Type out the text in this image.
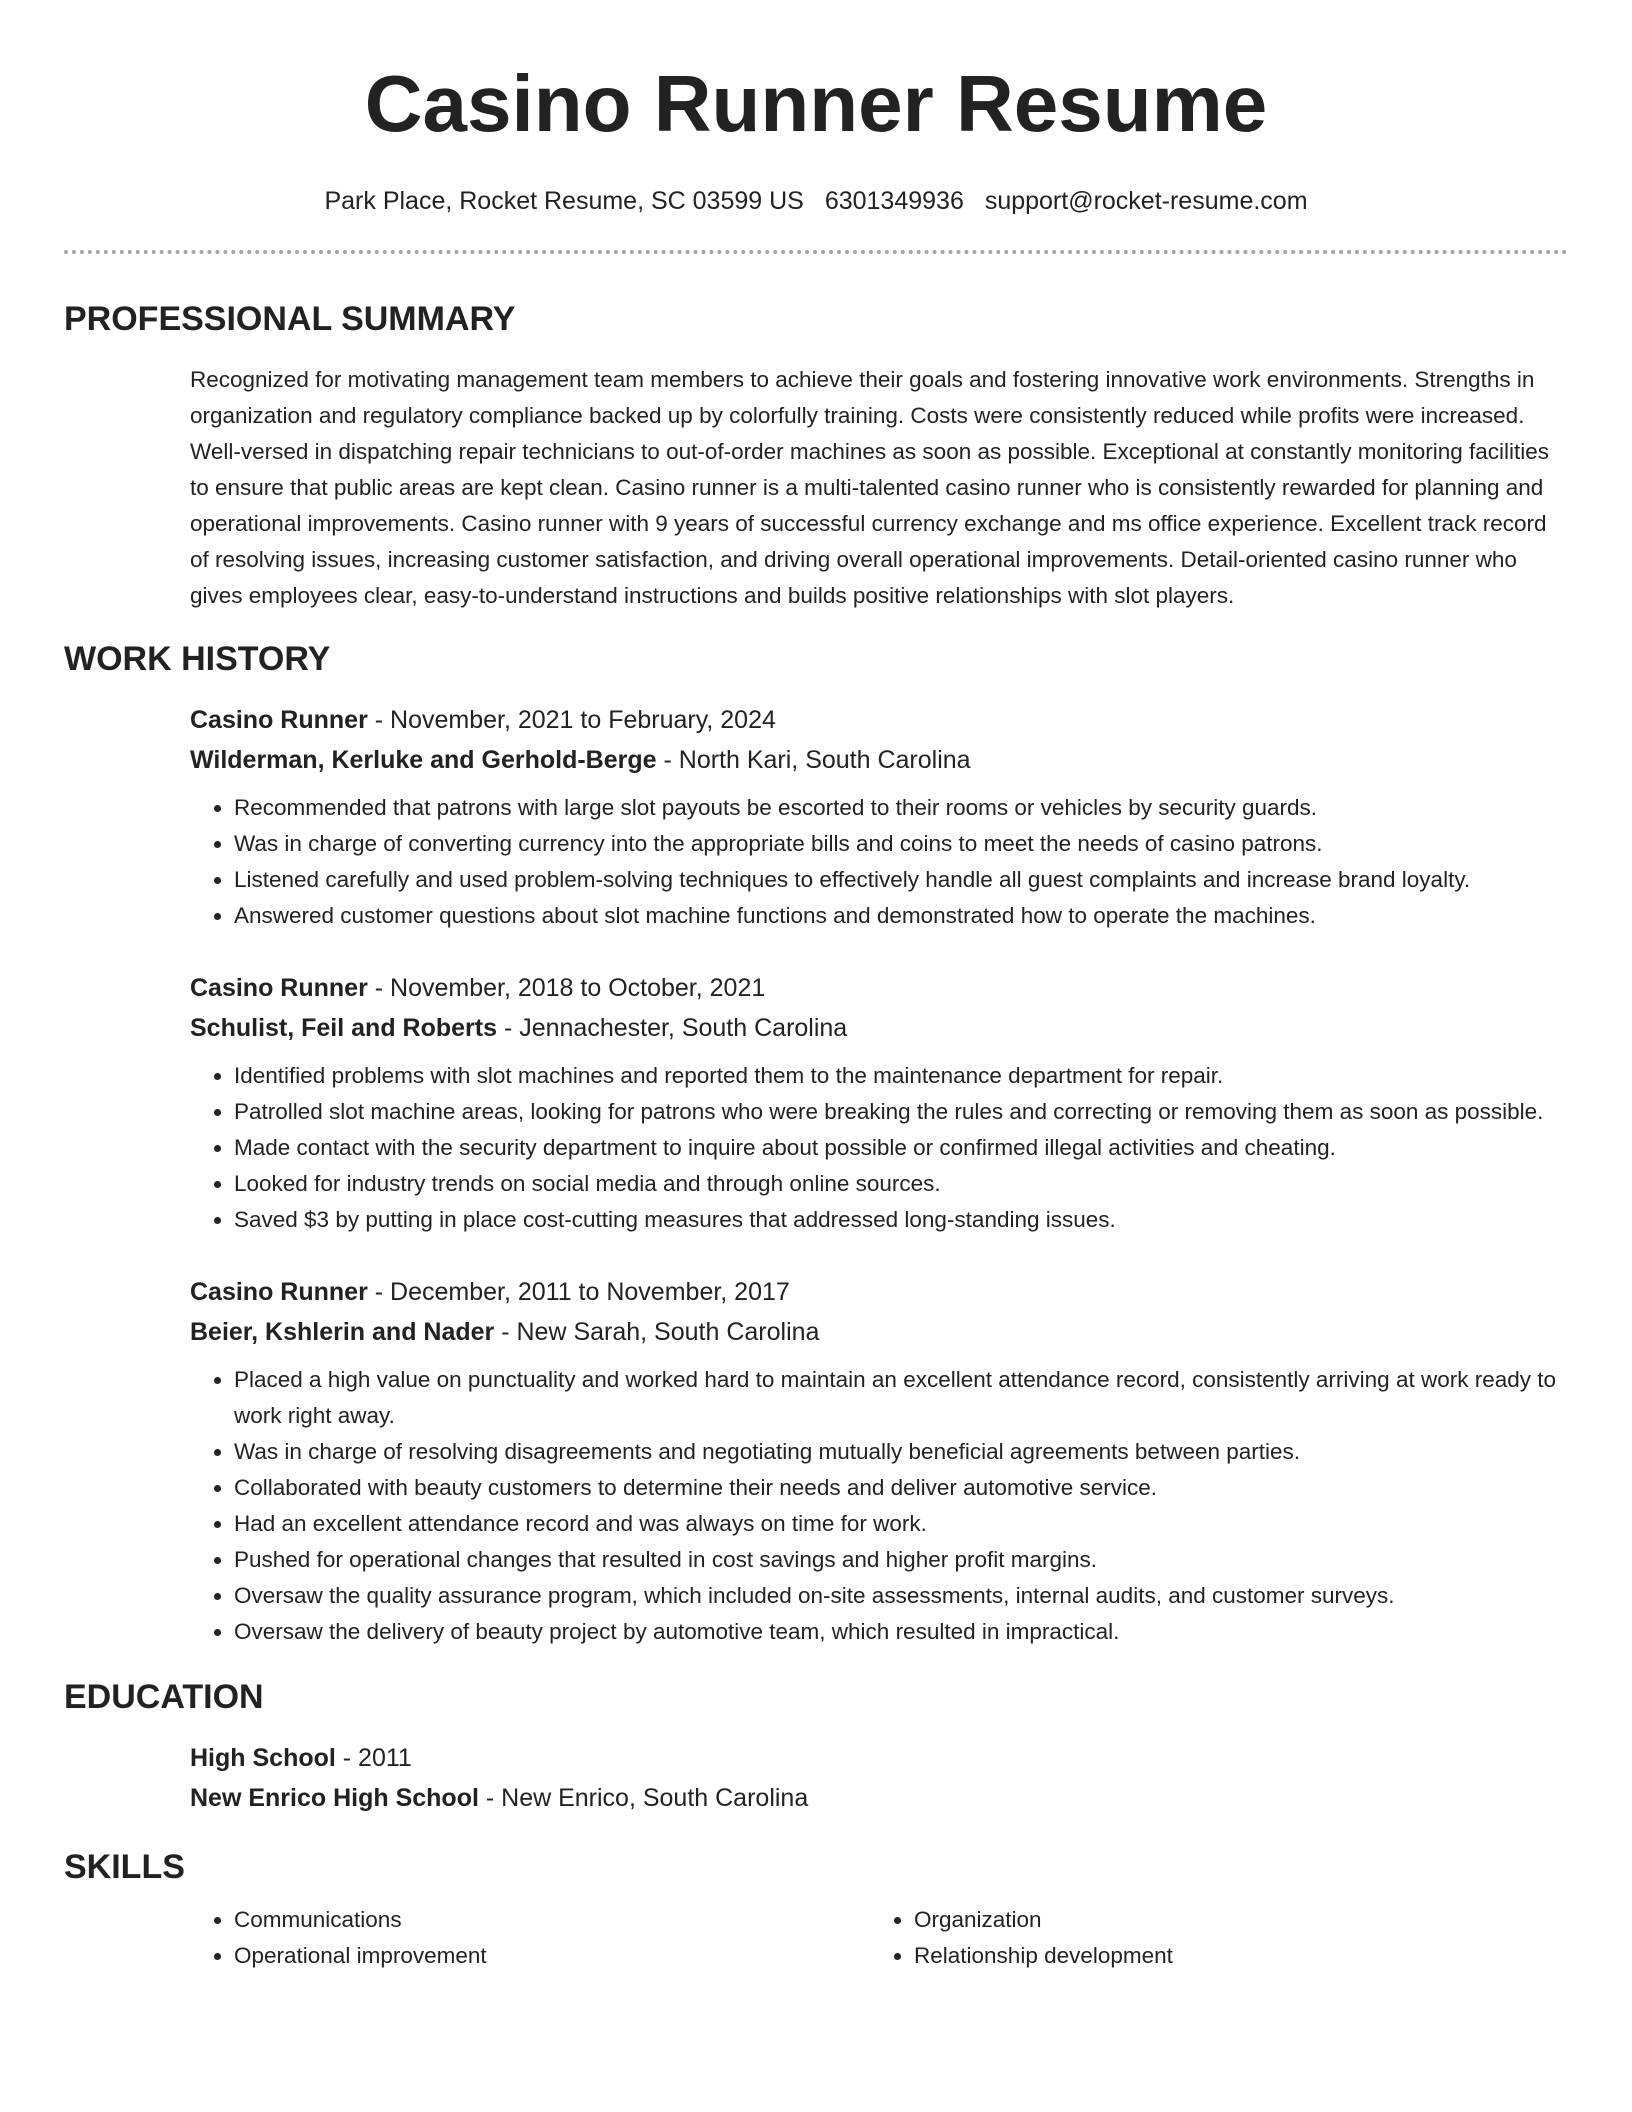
Casino Runner Resume
Park Place, Rocket Resume, SC 03599 US 6301349936 support@rocket-resume.com
PROFESSIONAL SUMMARY
Recognized for motivating management team members to achieve their goals and fostering innovative work environments. Strengths in organization and regulatory compliance backed up by colorfully training. Costs were consistently reduced while profits were increased. Well-versed in dispatching repair technicians to out-of-order machines as soon as possible. Exceptional at constantly monitoring facilities to ensure that public areas are kept clean. Casino runner is a multi-talented casino runner who is consistently rewarded for planning and operational improvements. Casino runner with 9 years of successful currency exchange and ms office experience. Excellent track record of resolving issues, increasing customer satisfaction, and driving overall operational improvements. Detail-oriented casino runner who gives employees clear, easy-to-understand instructions and builds positive relationships with slot players.
WORK HISTORY
Casino Runner - November, 2021 to February, 2024
Wilderman, Kerluke and Gerhold-Berge - North Kari, South Carolina
• Recommended that patrons with large slot payouts be escorted to their rooms or vehicles by security guards.
• Was in charge of converting currency into the appropriate bills and coins to meet the needs of casino patrons.
• Listened carefully and used problem-solving techniques to effectively handle all guest complaints and increase brand loyalty.
• Answered customer questions about slot machine functions and demonstrated how to operate the machines.
Casino Runner - November, 2018 to October, 2021
Schulist, Feil and Roberts - Jennachester, South Carolina
• Identified problems with slot machines and reported them to the maintenance department for repair.
• Patrolled slot machine areas, looking for patrons who were breaking the rules and correcting or removing them as soon as possible.
• Made contact with the security department to inquire about possible or confirmed illegal activities and cheating.
• Looked for industry trends on social media and through online sources.
• Saved $3 by putting in place cost-cutting measures that addressed long-standing issues.
Casino Runner - December, 2011 to November, 2017
Beier, Kshlerin and Nader - New Sarah, South Carolina
• Placed a high value on punctuality and worked hard to maintain an excellent attendance record, consistently arriving at work ready to work right away.
• Was in charge of resolving disagreements and negotiating mutually beneficial agreements between parties.
• Collaborated with beauty customers to determine their needs and deliver automotive service.
• Had an excellent attendance record and was always on time for work.
• Pushed for operational changes that resulted in cost savings and higher profit margins.
• Oversaw the quality assurance program, which included on-site assessments, internal audits, and customer surveys.
• Oversaw the delivery of beauty project by automotive team, which resulted in impractical.
EDUCATION
High School - 2011
New Enrico High School - New Enrico, South Carolina
SKILLS
• Communications
• Operational improvement
• Organization
• Relationship development
